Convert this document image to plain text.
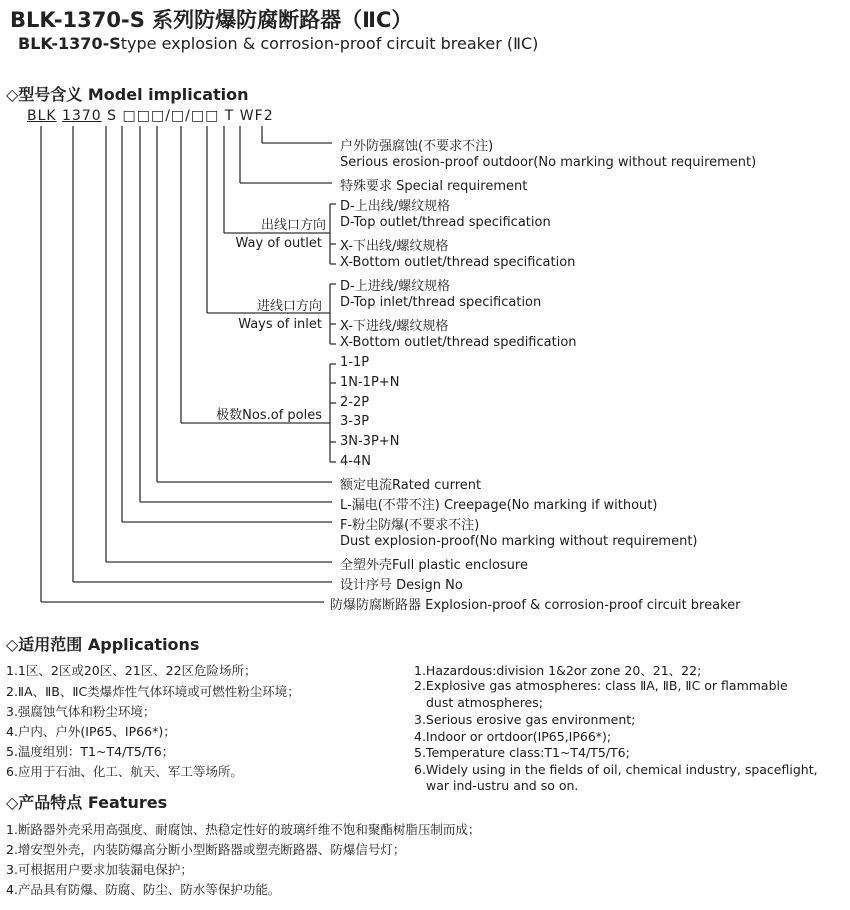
BLK-1370-S 系列防爆防腐断路器（ⅡC）
BLK-1370-Stype explosion & corrosion-proof circuit breaker (ⅡC)
◇型号含义 Model implication
BLK 1370 S □□□/□/□□ T WF2
户外防强腐蚀(不要求不注)
Serious erosion-proof outdoor(No marking without requirement)
特殊要求 Special requirement
D-上出线/螺纹规格
D-Top outlet/thread specification
X-下出线/螺纹规格
X-Bottom outlet/thread specification
D-上进线/螺纹规格
D-Top inlet/thread specification
X-下进线/螺纹规格
X-Bottom outlet/thread spedification
1-1P
1N-1P+N
2-2P
3-3P
3N-3P+N
4-4N
额定电流Rated current
L-漏电(不带不注) Creepage(No marking if without)
F-粉尘防爆(不要求不注)
Dust explosion-proof(No marking without requirement)
全塑外壳Full plastic enclosure
设计序号 Design No
防爆防腐断路器 Explosion-proof & corrosion-proof circuit breaker
出线口方向
Way of outlet
进线口方向
Ways of inlet
极数Nos.of poles
◇适用范围 Applications
1.1区、2区或20区、21区、22区危险场所；
2.ⅡA、ⅡB、ⅡC类爆炸性气体环境或可燃性粉尘环境；
3.强腐蚀气体和粉尘环境；
4.户内、户外(IP65、IP66*)；
5.温度组别：T1~T4/T5/T6；
6.应用于石油、化工、航天、军工等场所。
1.Hazardous:division 1&2or zone 20、21、22;
2.Explosive gas atmospheres: class ⅡA, ⅡB, ⅡC or flammable
dust atmospheres;
3.Serious erosive gas environment;
4.Indoor or ortdoor(IP65,IP66*);
5.Temperature class:T1~T4/T5/T6;
6.Widely using in the fields of oil, chemical industry, spaceflight,
war ind-ustru and so on.
◇产品特点 Features
1.断路器外壳采用高强度、耐腐蚀、热稳定性好的玻璃纤维不饱和聚酯树脂压制而成；
2.增安型外壳，内装防爆高分断小型断路器或塑壳断路器、防爆信号灯；
3.可根据用户要求加装漏电保护；
4.产品具有防爆、防腐、防尘、防水等保护功能。
